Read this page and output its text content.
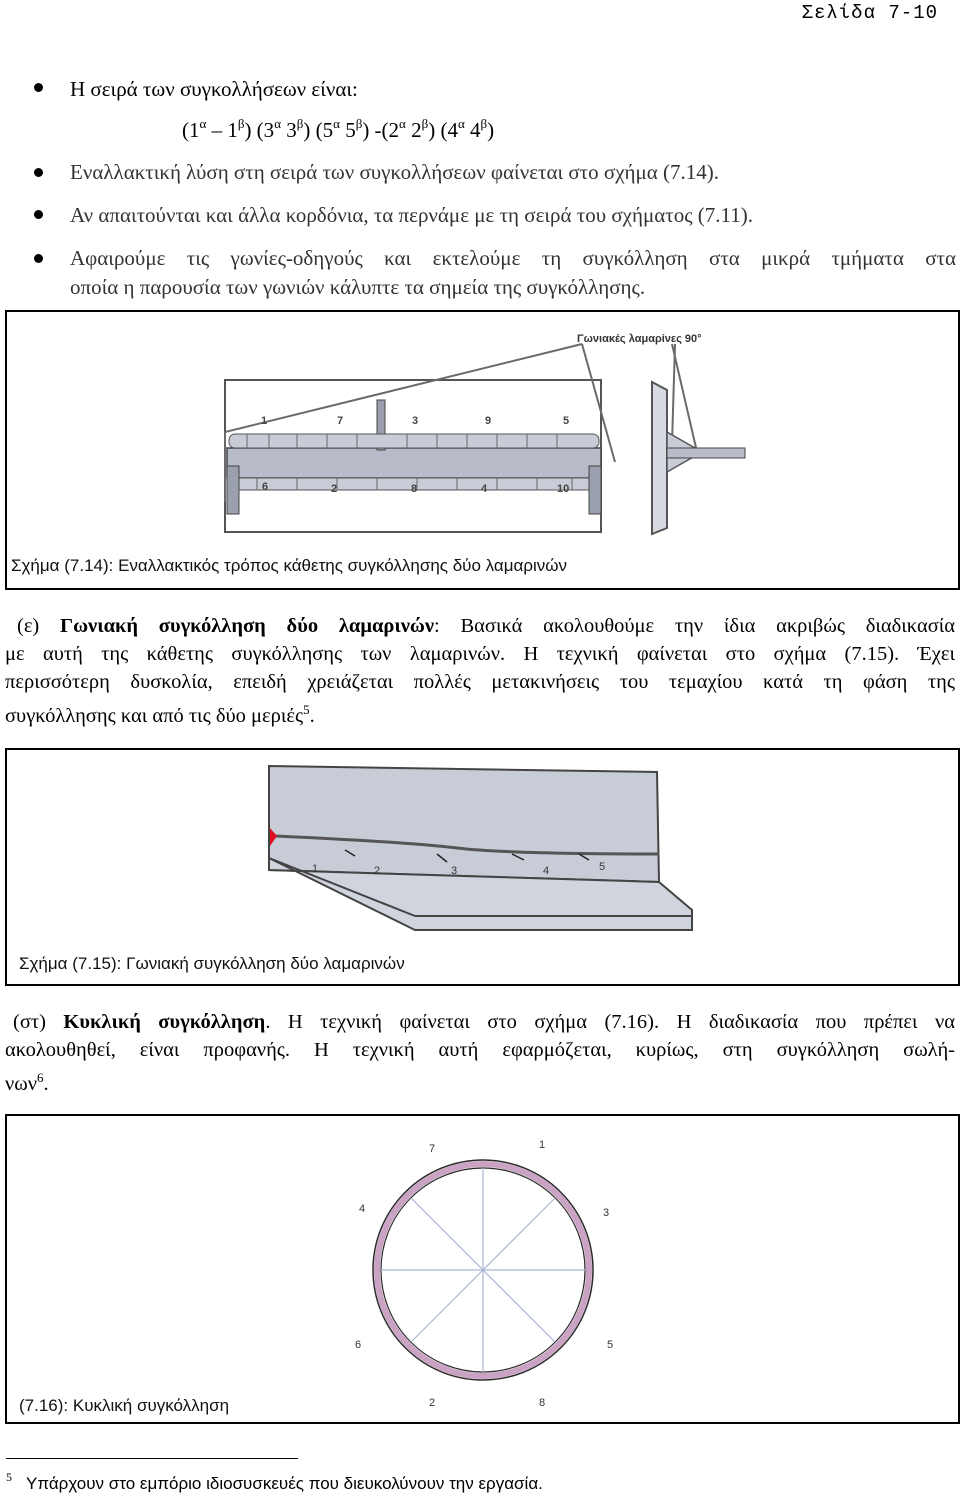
Σελίδα 7-10
Η σειρά των συγκολλήσεων είναι:
$(1^\alpha - 1^\beta)$ ($3^\alpha$ $3^\beta$) ($5^\alpha$ $5^\beta$) $-(2^\alpha$ $2^\beta$) ($4^\alpha$ $4^\beta$)
Εναλλακτική λύση στη σειρά των συγκολλήσεων φαίνεται στο σχήμα (7.14).
Αν απαιτούνται και άλλα κορδόνια, τα περνάμε με τη σειρά του σχήματος (7.11).
Αφαιρούμε τις γωνίες-οδηγούς και εκτελούμε τη συγκόλληση στα μικρά τμήματα στα
οποία η παρουσία των γωνιών κάλυπτε τα σημεία της συγκόλλησης.
Γωνιακές λαμαρίνες 90°
1	7	3	9	5
6	2	8	4	10
Σχήμα (7.14): Εναλλακτικός τρόπος κάθετης συγκόλλησης δύο λαμαρινών
(ε) Γωνιακή συγκόλληση δύο λαμαρινών: Βασικά ακολουθούμε την ίδια ακριβώς διαδικασία
με αυτή της κάθετης συγκόλλησης των λαμαρινών. Η τεχνική φαίνεται στο σχήμα (7.15). Έχει
περισσότερη δυσκολία, επειδή χρειάζεται πολλές μετακινήσεις του τεμαχίου κατά τη φάση της
συγκόλλησης και από τις δύο μεριές$^5$.
1	2	3	4	5
Σχήμα (7.15): Γωνιακή συγκόλληση δύο λαμαρινών
(στ) Κυκλική συγκόλληση. Η τεχνική φαίνεται στο σχήμα (7.16). Η διαδικασία που πρέπει να
ακολουθηθεί, είναι προφανής. Η τεχνική αυτή εφαρμόζεται, κυρίως, στη συγκόλληση σωλή-
νων$^6$.
7	1
4	3
5
6
2	8
(7.16): Κυκλική συγκόλληση
5 Υπάρχουν στο εμπόριο ιδιοσυσκευές που διευκολύνουν την εργασία.
